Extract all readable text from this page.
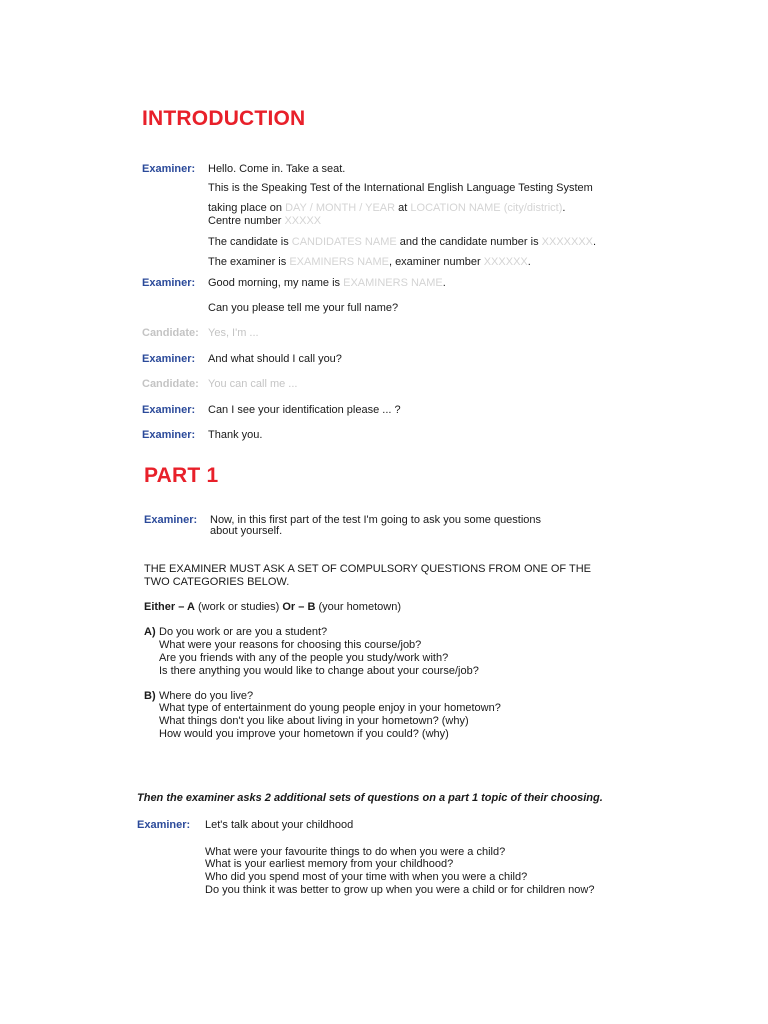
INTRODUCTION
Examiner: Hello. Come in. Take a seat.
This is the Speaking Test of the International English Language Testing System
taking place on DAY / MONTH / YEAR at LOCATION NAME (city/district).
Centre number XXXXX
The candidate is CANDIDATES NAME and the candidate number is XXXXXXX.
The examiner is EXAMINERS NAME, examiner number XXXXXX.
Examiner: Good morning, my name is EXAMINERS NAME.
Can you please tell me your full name?
Candidate: Yes, I'm ...
Examiner: And what should I call you?
Candidate: You can call me ...
Examiner: Can I see your identification please ... ?
Examiner: Thank you.
PART 1
Examiner: Now, in this first part of the test I'm going to ask you some questions
about yourself.
THE EXAMINER MUST ASK A SET OF COMPULSORY QUESTIONS FROM ONE OF THE
TWO CATEGORIES BELOW.
Either – A (work or studies) Or – B (your hometown)
A) Do you work or are you a student?
What were your reasons for choosing this course/job?
Are you friends with any of the people you study/work with?
Is there anything you would like to change about your course/job?
B) Where do you live?
What type of entertainment do young people enjoy in your hometown?
What things don't you like about living in your hometown? (why)
How would you improve your hometown if you could? (why)
Then the examiner asks 2 additional sets of questions on a part 1 topic of their choosing.
Examiner: Let's talk about your childhood
What were your favourite things to do when you were a child?
What is your earliest memory from your childhood?
Who did you spend most of your time with when you were a child?
Do you think it was better to grow up when you were a child or for children now?
